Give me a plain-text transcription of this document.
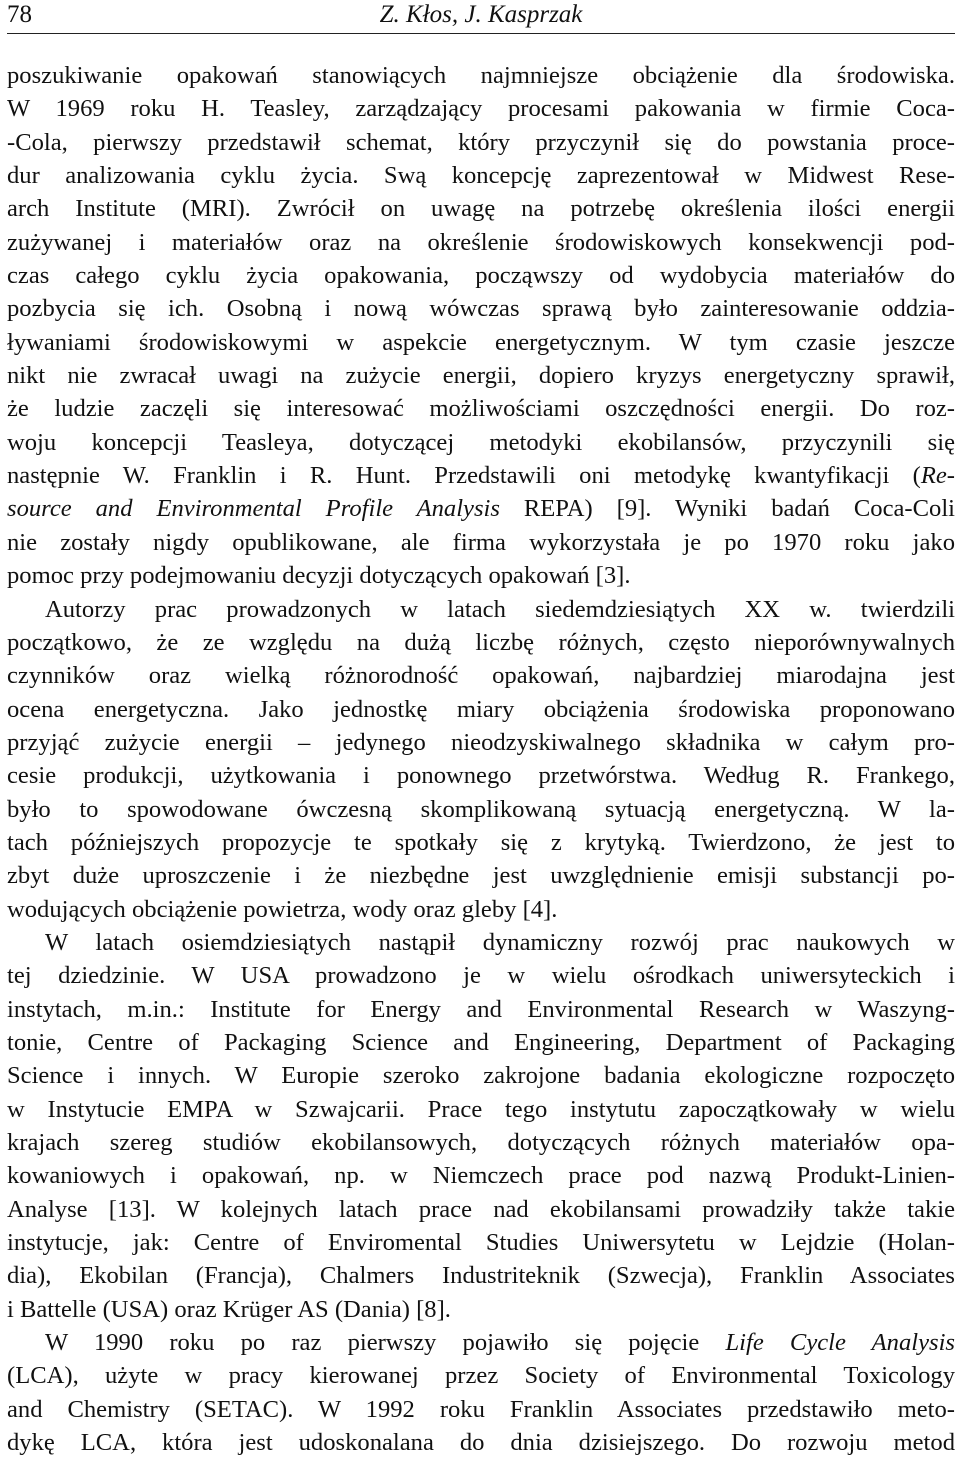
78	Z. Kłos, J. Kasprzak
poszukiwanie opakowań stanowiących najmniejsze obciążenie dla środowiska.
W 1969 roku H. Teasley, zarządzający procesami pakowania w firmie Coca-
-Cola, pierwszy przedstawił schemat, który przyczynił się do powstania proce-
dur analizowania cyklu życia. Swą koncepcję zaprezentował w Midwest Rese-
arch Institute (MRI). Zwrócił on uwagę na potrzebę określenia ilości energii
zużywanej i materiałów oraz na określenie środowiskowych konsekwencji pod-
czas całego cyklu życia opakowania, począwszy od wydobycia materiałów do
pozbycia się ich. Osobną i nową wówczas sprawą było zainteresowanie oddzia-
ływaniami środowiskowymi w aspekcie energetycznym. W tym czasie jeszcze
nikt nie zwracał uwagi na zużycie energii, dopiero kryzys energetyczny sprawił,
że ludzie zaczęli się interesować możliwościami oszczędności energii. Do roz-
woju koncepcji Teasleya, dotyczącej metodyki ekobilansów, przyczynili się
następnie W. Franklin i R. Hunt. Przedstawili oni metodykę kwantyfikacji (Re-
source and Environmental Profile Analysis REPA) [9]. Wyniki badań Coca-Coli
nie zostały nigdy opublikowane, ale firma wykorzystała je po 1970 roku jako
pomoc przy podejmowaniu decyzji dotyczących opakowań [3].
Autorzy prac prowadzonych w latach siedemdziesiątych XX w. twierdzili
początkowo, że ze względu na dużą liczbę różnych, często nieporównywalnych
czynników oraz wielką różnorodność opakowań, najbardziej miarodajna jest
ocena energetyczna. Jako jednostkę miary obciążenia środowiska proponowano
przyjąć zużycie energii – jedynego nieodzyskiwalnego składnika w całym pro-
cesie produkcji, użytkowania i ponownego przetwórstwa. Według R. Frankego,
było to spowodowane ówczesną skomplikowaną sytuacją energetyczną. W la-
tach późniejszych propozycje te spotkały się z krytyką. Twierdzono, że jest to
zbyt duże uproszczenie i że niezbędne jest uwzględnienie emisji substancji po-
wodujących obciążenie powietrza, wody oraz gleby [4].
W latach osiemdziesiątych nastąpił dynamiczny rozwój prac naukowych w
tej dziedzinie. W USA prowadzono je w wielu ośrodkach uniwersyteckich i
instytach, m.in.: Institute for Energy and Environmental Research w Waszyng-
tonie, Centre of Packaging Science and Engineering, Department of Packaging
Science i innych. W Europie szeroko zakrojone badania ekologiczne rozpoczęto
w Instytucie EMPA w Szwajcarii. Prace tego instytutu zapoczątkowały w wielu
krajach szereg studiów ekobilansowych, dotyczących różnych materiałów opa-
kowaniowych i opakowań, np. w Niemczech prace pod nazwą Produkt-Linien-
Analyse [13]. W kolejnych latach prace nad ekobilansami prowadziły także takie
instytucje, jak: Centre of Enviromental Studies Uniwersytetu w Lejdzie (Holan-
dia), Ekobilan (Francja), Chalmers Industriteknik (Szwecja), Franklin Associates
i Battelle (USA) oraz Krüger AS (Dania) [8].
W 1990 roku po raz pierwszy pojawiło się pojęcie Life Cycle Analysis
(LCA), użyte w pracy kierowanej przez Society of Environmental Toxicology
and Chemistry (SETAC). W 1992 roku Franklin Associates przedstawiło meto-
dykę LCA, która jest udoskonalana do dnia dzisiejszego. Do rozwoju metod
